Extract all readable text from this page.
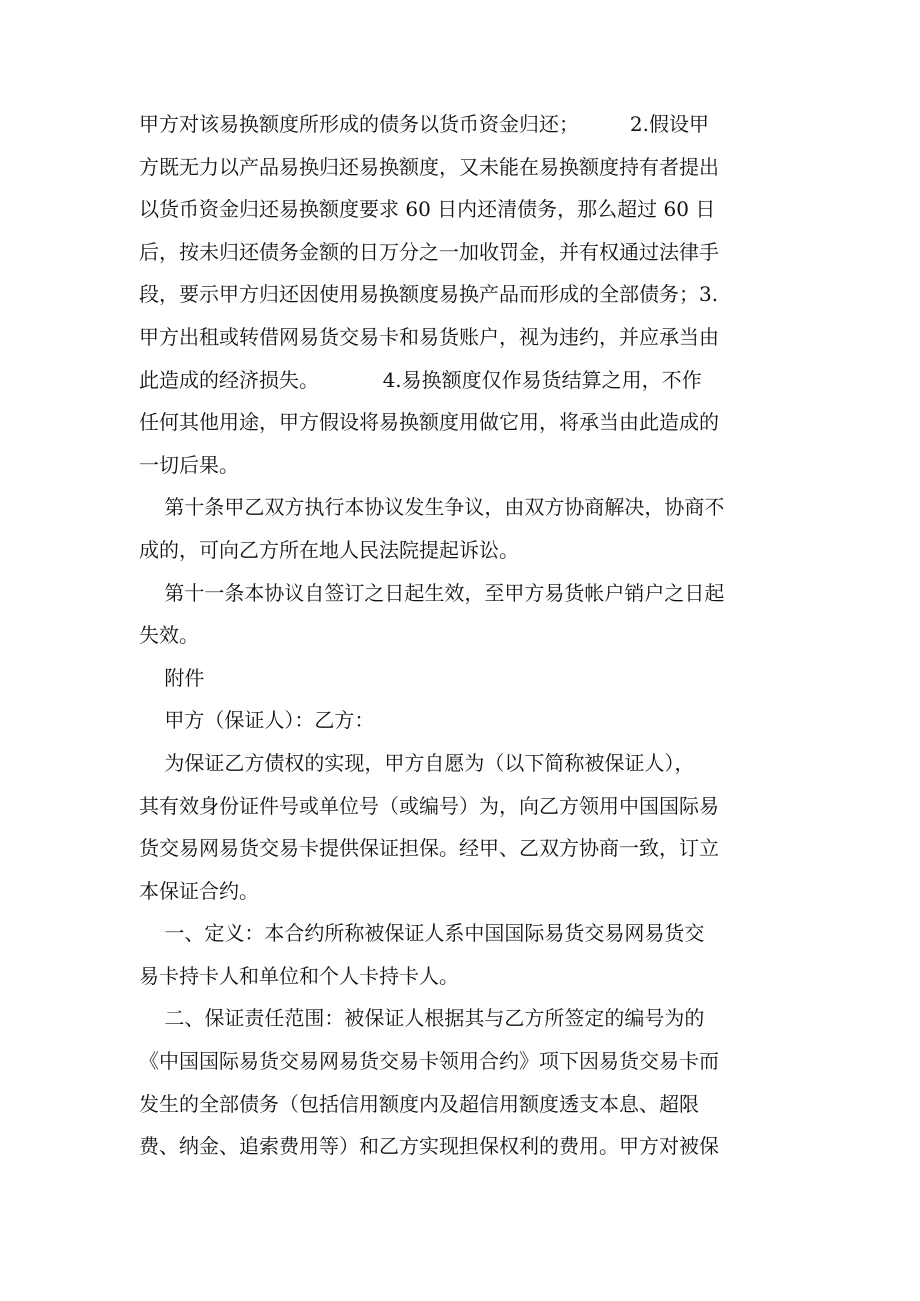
甲方对该易换额度所形成的债务以货币资金归还；        2.假设甲
方既无力以产品易换归还易换额度，又未能在易换额度持有者提出
以货币资金归还易换额度要求 60 日内还清债务，那么超过 60 日
后，按未归还债务金额的日万分之一加收罚金，并有权通过法律手
段，要示甲方归还因使用易换额度易换产品而形成的全部债务；3.
甲方出租或转借网易货交易卡和易货账户，视为违约，并应承当由
此造成的经济损失。          4.易换额度仅作易货结算之用，不作
任何其他用途，甲方假设将易换额度用做它用，将承当由此造成的
一切后果。
第十条甲乙双方执行本协议发生争议，由双方协商解决，协商不
成的，可向乙方所在地人民法院提起诉讼。
第十一条本协议自签订之日起生效，至甲方易货帐户销户之日起
失效。
附件
甲方（保证人）：乙方：
为保证乙方债权的实现，甲方自愿为（以下简称被保证人），
其有效身份证件号或单位号（或编号）为，向乙方领用中国国际易
货交易网易货交易卡提供保证担保。经甲、乙双方协商一致，订立
本保证合约。
一、定义：本合约所称被保证人系中国国际易货交易网易货交
易卡持卡人和单位和个人卡持卡人。
二、保证责任范围：被保证人根据其与乙方所签定的编号为的
《中国国际易货交易网易货交易卡领用合约》项下因易货交易卡而
发生的全部债务（包括信用额度内及超信用额度透支本息、超限
费、纳金、追索费用等）和乙方实现担保权利的费用。甲方对被保
